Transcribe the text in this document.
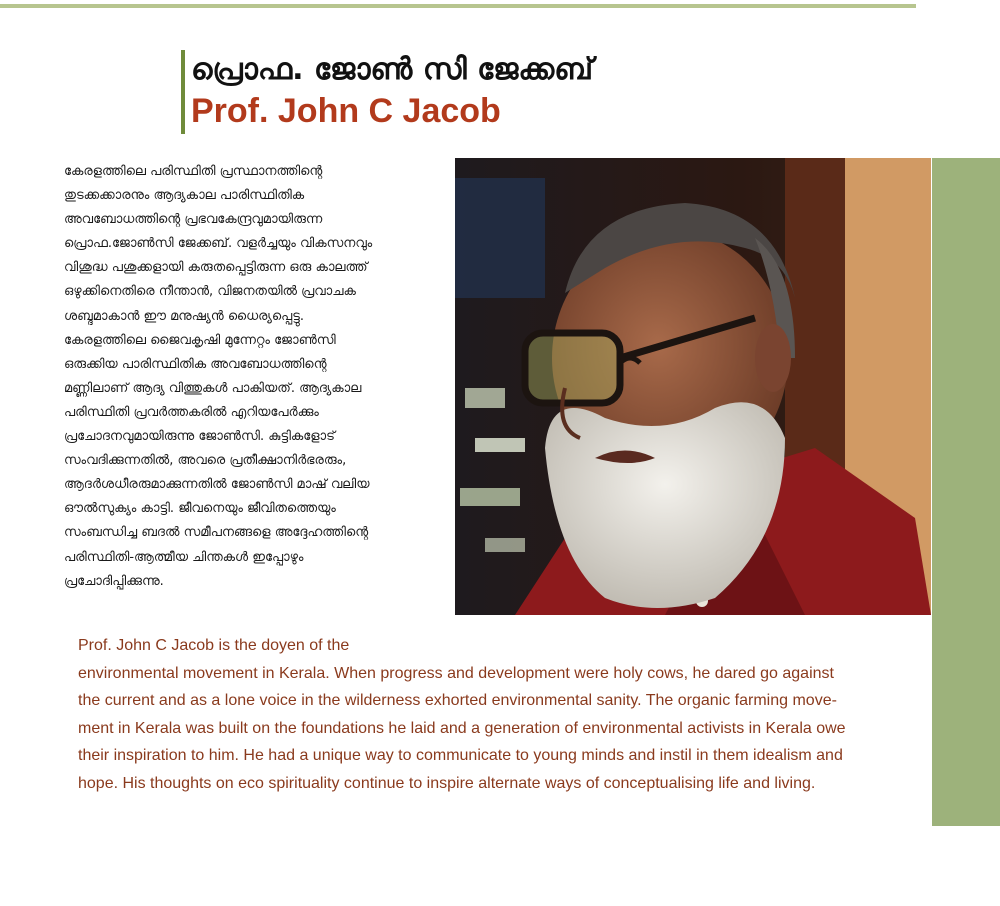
പ്രൊഫ. ജോൺ സി ജേക്കബ്
Prof. John C Jacob

കേരളത്തിലെ പരിസ്ഥിതി പ്രസ്ഥാനത്തിന്റെ
തുടക്കക്കാരനും ആദ്യകാല പാരിസ്ഥിതിക
അവബോധത്തിന്റെ പ്രഭവകേന്ദ്രവുമായിരുന്ന
പ്രൊഫ.ജോൺസി ജേക്കബ്. വളർച്ചയും വികസനവും
വിശുദ്ധ പശുക്കളായി കരുതപ്പെട്ടിരുന്ന ഒരു കാലത്ത്
ഒഴുക്കിനെതിരെ നീന്താൻ, വിജനതയിൽ പ്രവാചക
ശബ്ദമാകാൻ ഈ മനുഷ്യൻ ധൈര്യപ്പെട്ടു.
കേരളത്തിലെ ജൈവകൃഷി മുന്നേറ്റം ജോൺസി
ഒരുക്കിയ പാരിസ്ഥിതിക അവബോധത്തിന്റെ
മണ്ണിലാണ് ആദ്യ വിത്തുകൾ പാകിയത്. ആദ്യകാല
പരിസ്ഥിതി പ്രവർത്തകരിൽ എറിയപേർക്കും
പ്രചോദനവുമായിരുന്നു ജോൺസി. കുട്ടികളോട്
സംവദിക്കുന്നതിൽ, അവരെ പ്രതീക്ഷാനിർഭരരും,
ആദർശധീരരുമാക്കുന്നതിൽ ജോൺസി മാഷ് വലിയ
ഔൽസുക്യം കാട്ടി. ജീവനെയും ജീവിതത്തെയും
സംബന്ധിച്ച ബദൽ സമീപനങ്ങളെ അദ്ദേഹത്തിന്റെ
പരിസ്ഥിതി-ആത്മീയ ചിന്തകൾ ഇപ്പോഴും
പ്രചോദിപ്പിക്കുന്നു.

Prof. John C Jacob is the doyen of the
environmental movement in Kerala. When progress and development were holy cows, he dared go against
the current and as a lone voice in the wilderness exhorted environmental sanity. The organic farming move-
ment in Kerala was built on the foundations he laid and a generation of environmental activists in Kerala owe
their inspiration to him. He had a unique way to communicate to young minds and instil in them idealism and
hope. His thoughts on eco spirituality continue to inspire alternate ways of conceptualising life and living.
